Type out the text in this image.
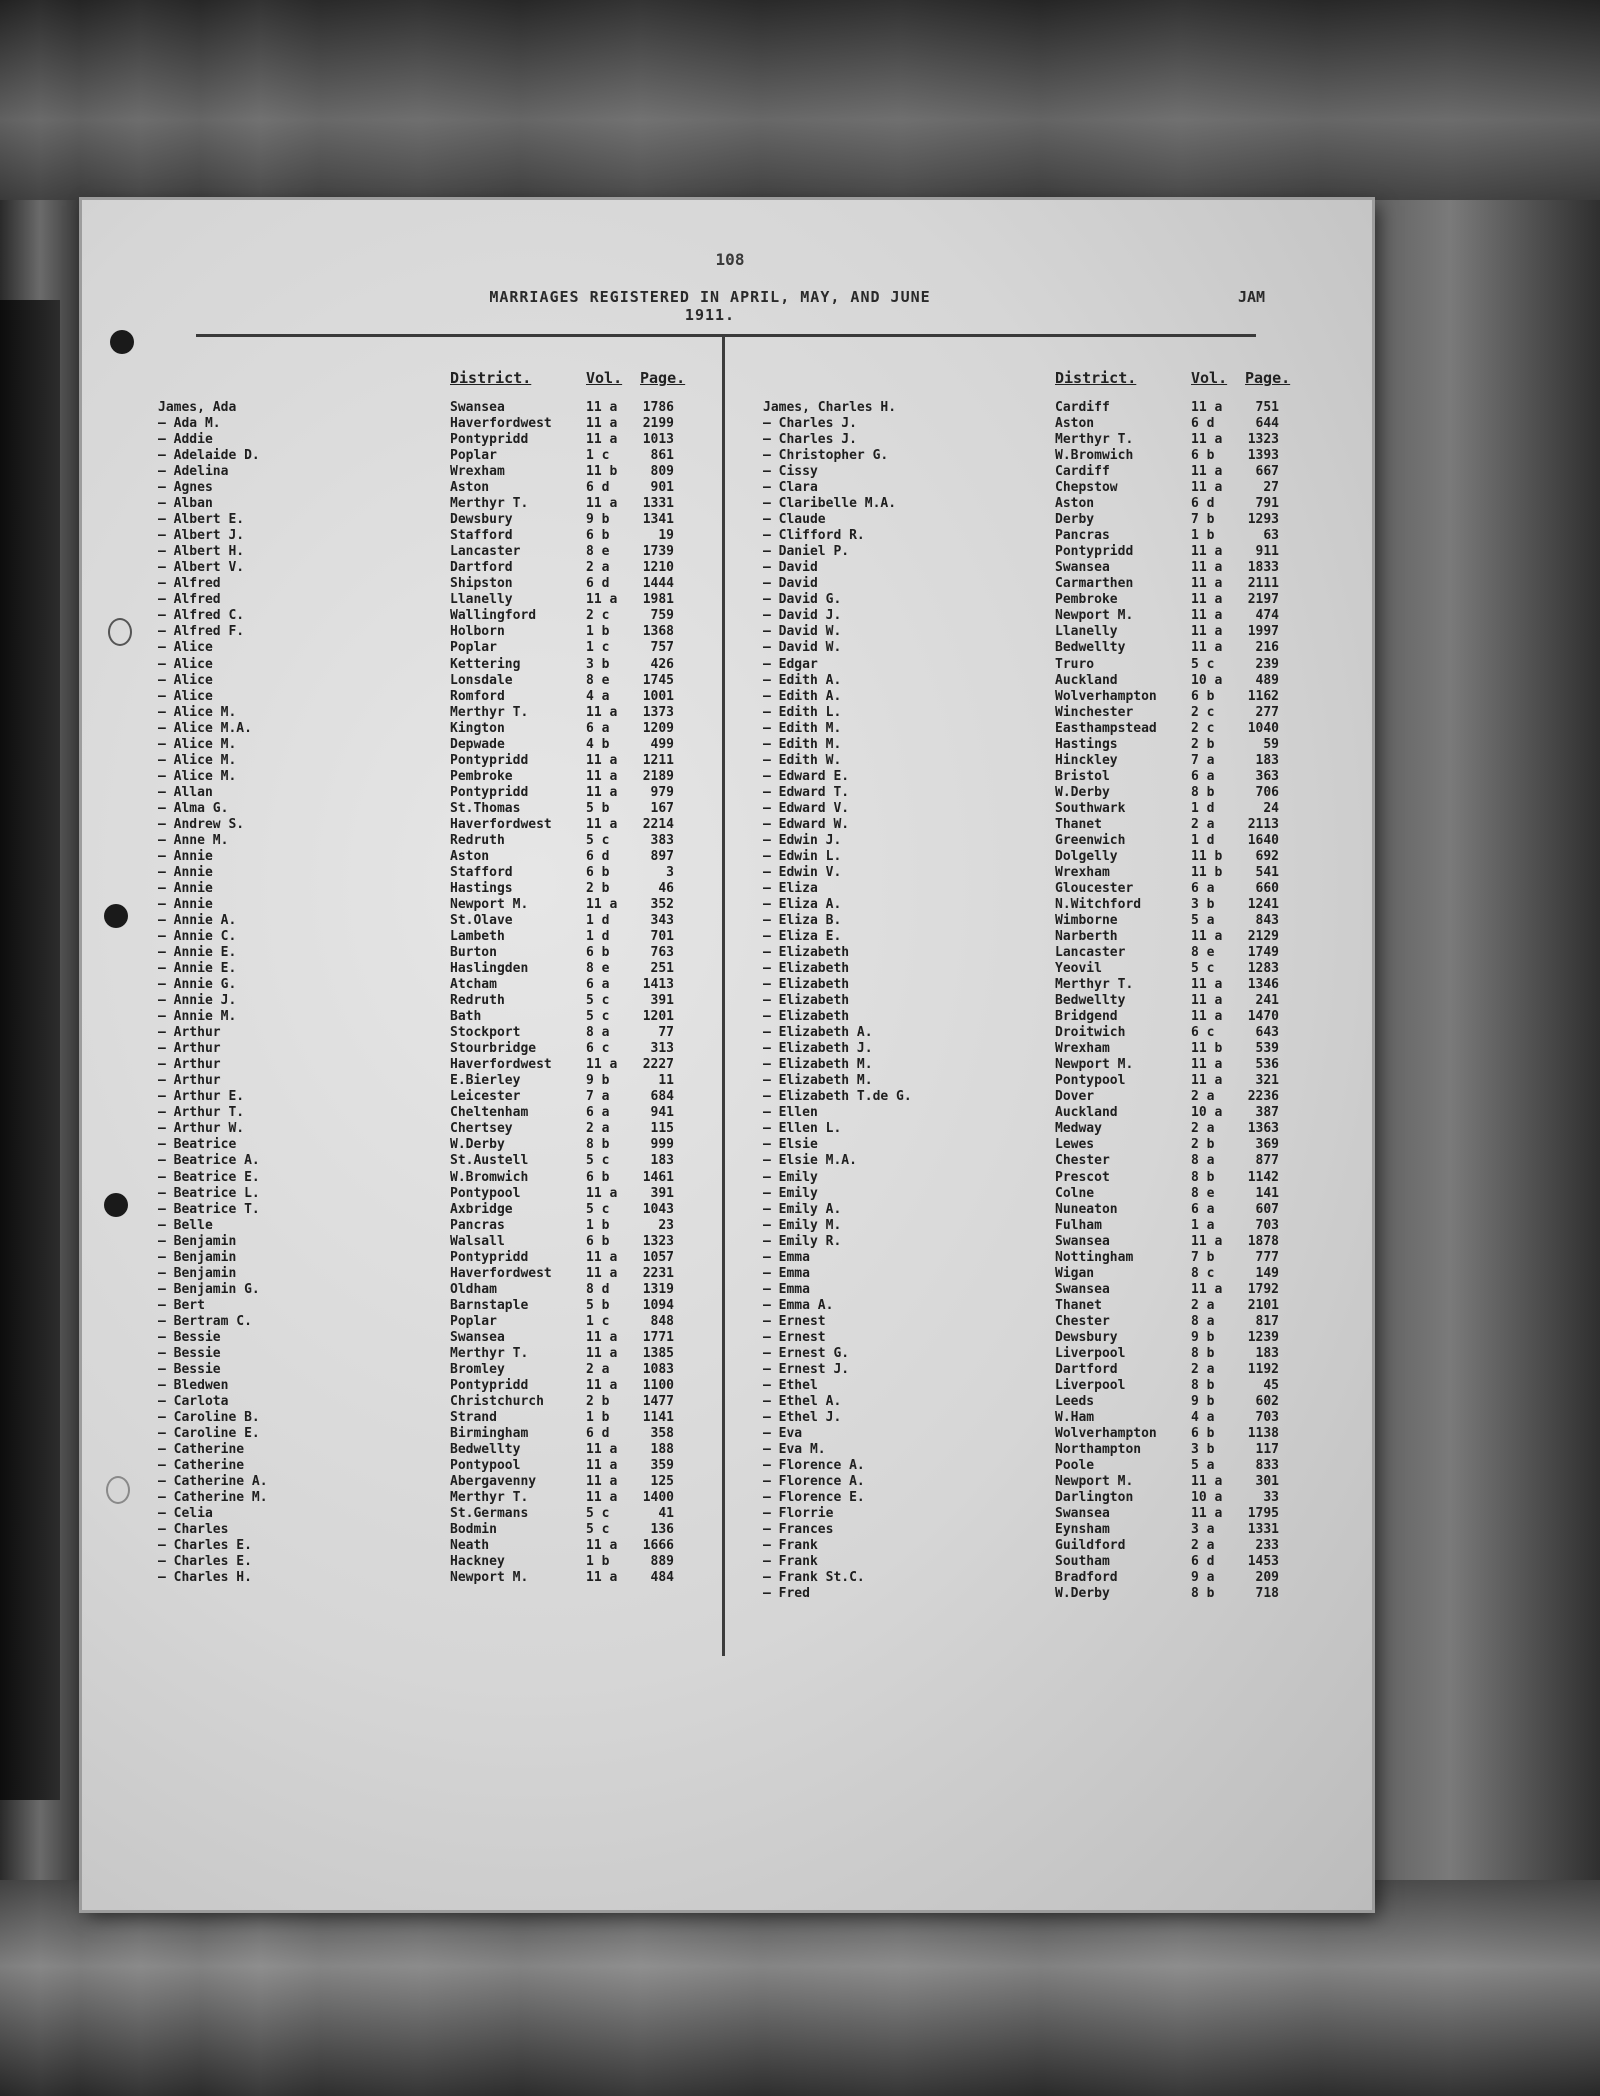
108
MARRIAGES REGISTERED IN APRIL, MAY, AND JUNE 1911.
JAM
District.	Vol. Page.
James, Ada	Swansea	11 a	1786
— Ada M.	Haverfordwest	11 a	2199
— Addie	Pontypridd	11 a	1013
— Adelaide D.	Poplar	1 c	861
— Adelina	Wrexham	11 b	809
— Agnes	Aston	6 d	901
— Alban	Merthyr T.	11 a	1331
— Albert E.	Dewsbury	9 b	1341
— Albert J.	Stafford	6 b	19
— Albert H.	Lancaster	8 e	1739
— Albert V.	Dartford	2 a	1210
— Alfred	Shipston	6 d	1444
— Alfred	Llanelly	11 a	1981
— Alfred C.	Wallingford	2 c	759
— Alfred F.	Holborn	1 b	1368
— Alice	Poplar	1 c	757
— Alice	Kettering	3 b	426
— Alice	Lonsdale	8 e	1745
— Alice	Romford	4 a	1001
— Alice M.	Merthyr T.	11 a	1373
— Alice M.A.	Kington	6 a	1209
— Alice M.	Depwade	4 b	499
— Alice M.	Pontypridd	11 a	1211
— Alice M.	Pembroke	11 a	2189
— Allan	Pontypridd	11 a	979
— Alma G.	St.Thomas	5 b	167
— Andrew S.	Haverfordwest	11 a	2214
— Anne M.	Redruth	5 c	383
— Annie	Aston	6 d	897
— Annie	Stafford	6 b	3
— Annie	Hastings	2 b	46
— Annie	Newport M.	11 a	352
— Annie A.	St.Olave	1 d	343
— Annie C.	Lambeth	1 d	701
— Annie E.	Burton	6 b	763
— Annie E.	Haslingden	8 e	251
— Annie G.	Atcham	6 a	1413
— Annie J.	Redruth	5 c	391
— Annie M.	Bath	5 c	1201
— Arthur	Stockport	8 a	77
— Arthur	Stourbridge	6 c	313
— Arthur	Haverfordwest	11 a	2227
— Arthur	E.Bierley	9 b	11
— Arthur E.	Leicester	7 a	684
— Arthur T.	Cheltenham	6 a	941
— Arthur W.	Chertsey	2 a	115
— Beatrice	W.Derby	8 b	999
— Beatrice A.	St.Austell	5 c	183
— Beatrice E.	W.Bromwich	6 b	1461
— Beatrice L.	Pontypool	11 a	391
— Beatrice T.	Axbridge	5 c	1043
— Belle	Pancras	1 b	23
— Benjamin	Walsall	6 b	1323
— Benjamin	Pontypridd	11 a	1057
— Benjamin	Haverfordwest	11 a	2231
— Benjamin G.	Oldham	8 d	1319
— Bert	Barnstaple	5 b	1094
— Bertram C.	Poplar	1 c	848
— Bessie	Swansea	11 a	1771
— Bessie	Merthyr T.	11 a	1385
— Bessie	Bromley	2 a	1083
— Bledwen	Pontypridd	11 a	1100
— Carlota	Christchurch	2 b	1477
— Caroline B.	Strand	1 b	1141
— Caroline E.	Birmingham	6 d	358
— Catherine	Bedwellty	11 a	188
— Catherine	Pontypool	11 a	359
— Catherine A.	Abergavenny	11 a	125
— Catherine M.	Merthyr T.	11 a	1400
— Celia	St.Germans	5 c	41
— Charles	Bodmin	5 c	136
— Charles E.	Neath	11 a	1666
— Charles E.	Hackney	1 b	889
— Charles H.	Newport M.	11 a	484
District.	Vol. Page.
James, Charles H.	Cardiff	11 a	751
— Charles J.	Aston	6 d	644
— Charles J.	Merthyr T.	11 a	1323
— Christopher G.	W.Bromwich	6 b	1393
— Cissy	Cardiff	11 a	667
— Clara	Chepstow	11 a	27
— Claribelle M.A.	Aston	6 d	791
— Claude	Derby	7 b	1293
— Clifford R.	Pancras	1 b	63
— Daniel P.	Pontypridd	11 a	911
— David	Swansea	11 a	1833
— David	Carmarthen	11 a	2111
— David G.	Pembroke	11 a	2197
— David J.	Newport M.	11 a	474
— David W.	Llanelly	11 a	1997
— David W.	Bedwellty	11 a	216
— Edgar	Truro	5 c	239
— Edith A.	Auckland	10 a	489
— Edith A.	Wolverhampton	6 b	1162
— Edith L.	Winchester	2 c	277
— Edith M.	Easthampstead	2 c	1040
— Edith M.	Hastings	2 b	59
— Edith W.	Hinckley	7 a	183
— Edward E.	Bristol	6 a	363
— Edward T.	W.Derby	8 b	706
— Edward V.	Southwark	1 d	24
— Edward W.	Thanet	2 a	2113
— Edwin J.	Greenwich	1 d	1640
— Edwin L.	Dolgelly	11 b	692
— Edwin V.	Wrexham	11 b	541
— Eliza	Gloucester	6 a	660
— Eliza A.	N.Witchford	3 b	1241
— Eliza B.	Wimborne	5 a	843
— Eliza E.	Narberth	11 a	2129
— Elizabeth	Lancaster	8 e	1749
— Elizabeth	Yeovil	5 c	1283
— Elizabeth	Merthyr T.	11 a	1346
— Elizabeth	Bedwellty	11 a	241
— Elizabeth	Bridgend	11 a	1470
— Elizabeth A.	Droitwich	6 c	643
— Elizabeth J.	Wrexham	11 b	539
— Elizabeth M.	Newport M.	11 a	536
— Elizabeth M.	Pontypool	11 a	321
— Elizabeth T.de G.	Dover	2 a	2236
— Ellen	Auckland	10 a	387
— Ellen L.	Medway	2 a	1363
— Elsie	Lewes	2 b	369
— Elsie M.A.	Chester	8 a	877
— Emily	Prescot	8 b	1142
— Emily	Colne	8 e	141
— Emily A.	Nuneaton	6 a	607
— Emily M.	Fulham	1 a	703
— Emily R.	Swansea	11 a	1878
— Emma	Nottingham	7 b	777
— Emma	Wigan	8 c	149
— Emma	Swansea	11 a	1792
— Emma A.	Thanet	2 a	2101
— Ernest	Chester	8 a	817
— Ernest	Dewsbury	9 b	1239
— Ernest G.	Liverpool	8 b	183
— Ernest J.	Dartford	2 a	1192
— Ethel	Liverpool	8 b	45
— Ethel A.	Leeds	9 b	602
— Ethel J.	W.Ham	4 a	703
— Eva	Wolverhampton	6 b	1138
— Eva M.	Northampton	3 b	117
— Florence A.	Poole	5 a	833
— Florence A.	Newport M.	11 a	301
— Florence E.	Darlington	10 a	33
— Florrie	Swansea	11 a	1795
— Frances	Eynsham	3 a	1331
— Frank	Guildford	2 a	233
— Frank	Southam	6 d	1453
— Frank St.C.	Bradford	9 a	209
— Fred	W.Derby	8 b	718
